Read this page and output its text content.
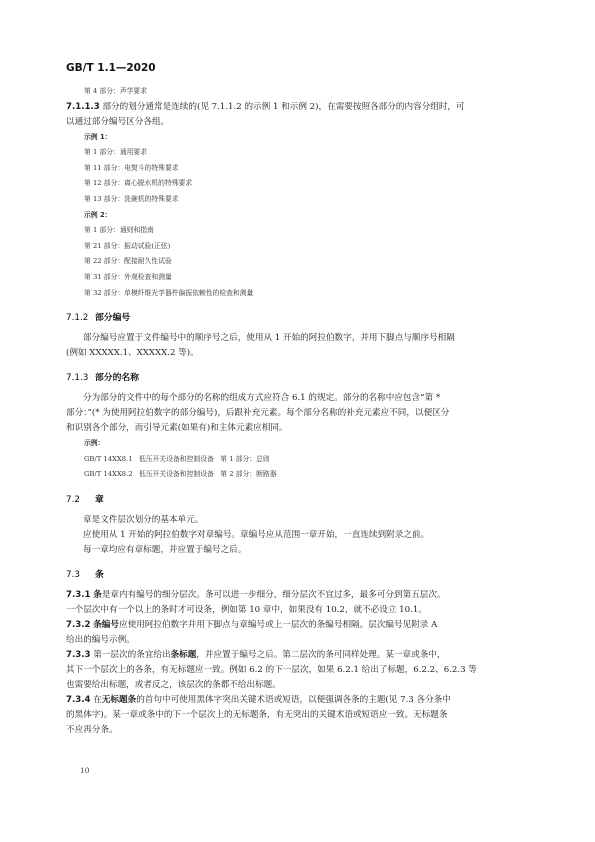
GB/T 1.1—2020

第 4 部分：声学要求

7.1.1.3 部分的划分通常是连续的(见 7.1.1.2 的示例 1 和示例 2)，在需要按照各部分的内容分组时，可

以通过部分编号区分各组。

示例 1：

第 1 部分：通用要求

第 11 部分：电熨斗的特殊要求

第 12 部分：离心脱水机的特殊要求

第 13 部分：洗碗机的特殊要求

示例 2：

第 1 部分：通则和指南

第 21 部分：振动试验(正弦)

第 22 部分：配接耐久性试验

第 31 部分：外观检查和测量

第 32 部分：单模纤维光学器件偏振依赖性的检查和测量

7.1.2 部分编号

部分编号应置于文件编号中的顺序号之后，使用从 1 开始的阿拉伯数字，并用下脚点与顺序号相隔

(例如 XXXXX.1、XXXXX.2 等)。

7.1.3 部分的名称

分为部分的文件中的每个部分的名称的组成方式应符合 6.1 的规定。部分的名称中应包含“第 *

部分：”(* 为使用阿拉伯数字的部分编号)，后跟补充元素。每个部分名称的补充元素应不同，以便区分

和识别各个部分，而引导元素(如果有)和主体元素应相同。

示例：

GB/T 14XX8.1   低压开关设备和控制设备   第 1 部分：总则

GB/T 14XX8.2   低压开关设备和控制设备   第 2 部分：断路器

7.2 章

章是文件层次划分的基本单元。

应使用从 1 开始的阿拉伯数字对章编号。章编号应从范围一章开始，一直连续到附录之前。

每一章均应有章标题，并应置于编号之后。

7.3 条

7.3.1 条是章内有编号的细分层次。条可以进一步细分，细分层次不宜过多，最多可分到第五层次。

一个层次中有一个以上的条时才可设条，例如第 10 章中，如果没有 10.2，就不必设立 10.1。

7.3.2 条编号应使用阿拉伯数字并用下脚点与章编号或上一层次的条编号相隔。层次编号见附录 A

给出的编号示例。

7.3.3 第一层次的条宜给出条标题，并应置于编号之后。第二层次的条可同样处理。某一章或条中，

其下一个层次上的各条，有无标题应一致。例如 6.2 的下一层次，如果 6.2.1 给出了标题，6.2.2、6.2.3 等

也需要给出标题，或者反之，该层次的条都不给出标题。

7.3.4 在无标题条的首句中可使用黑体字突出关键术语或短语，以便强调各条的主题(见 7.3 各分条中

的黑体字)。某一章或条中的下一个层次上的无标题条，有无突出的关键术语或短语应一致。无标题条

不应再分条。

10
